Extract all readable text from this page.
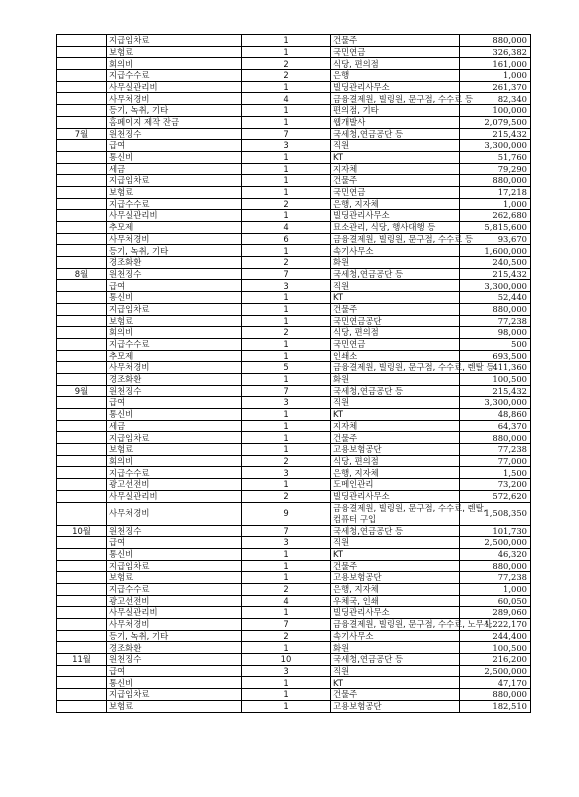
	지급임차료	1	건물주	880,000
	보험료	1	국민연금	326,382
	회의비	2	식당, 편의점	161,000
	지급수수료	2	은행	1,000
	사무실관리비	1	빌딩관리사무소	261,370
	사무처경비	4	금융결제원, 빌링원, 문구점, 수수료 등	82,340
	등기, 녹취, 기타	1	편의점, 기타	100,000
	홈페이지 제작 잔금	1	웹개발사	2,079,500
7월	원천징수	7	국세청,연금공단 등	215,432
	급여	3	직원	3,300,000
	통신비	1	KT	51,760
	세금	1	지자체	79,290
	지급임차료	1	건물주	880,000
	보험료	1	국민연금	17,218
	지급수수료	2	은행, 지자체	1,000
	사무실관리비	1	빌딩관리사무소	262,680
	추모제	4	묘소관리, 식당, 행사대행 등	5,815,600
	사무처경비	6	금융결제원, 빌링원, 문구점, 수수료 등	93,670
	등기, 녹취, 기타	1	속기사무소	1,600,000
	경조화환	2	화원	240,500
8월	원천징수	7	국세청,연금공단 등	215,432
	급여	3	직원	3,300,000
	통신비	1	KT	52,440
	지급임차료	1	건물주	880,000
	보험료	1	국민연금공단	77,238
	회의비	2	식당, 편의점	98,000
	지급수수료	1	국민연금	500
	추모제	1	인쇄소	693,500
	사무처경비	5	금융결제원, 빌링원, 문구점, 수수료, 렌탈 등	411,360
	경조화환	1	화원	100,500
9월	원천징수	7	국세청,연금공단 등	215,432
	급여	3	직원	3,300,000
	통신비	1	KT	48,860
	세금	1	지자체	64,370
	지급임차료	1	건물주	880,000
	보험료	1	고용보험공단	77,238
	회의비	2	식당, 편의점	77,000
	지급수수료	3	은행, 지자체	1,500
	광고선전비	1	도메인관리	73,200
	사무실관리비	2	빌딩관리사무소	572,620
	사무처경비	9	금융결제원, 빌링원, 문구점, 수수료, 렌탈,
컴퓨터 구입	1,508,350
10월	원천징수	7	국세청,연금공단 등	101,730
	급여	3	직원	2,500,000
	통신비	1	KT	46,320
	지급임차료	1	건물주	880,000
	보험료	1	고용보험공단	77,238
	지급수수료	2	은행, 지자체	1,000
	광고선전비	4	우체국, 인쇄	60,050
	사무실관리비	1	빌딩관리사무소	289,060
	사무처경비	7	금융결제원, 빌링원, 문구점, 수수료, 노무사	1,222,170
	등기, 녹취, 기타	2	속기사무소	244,400
	경조화환	1	화원	100,500
11월	원천징수	10	국세청,연금공단 등	216,200
	급여	3	직원	2,500,000
	통신비	1	KT	47,170
	지급임차료	1	건물주	880,000
	보험료	1	고용보험공단	182,510
